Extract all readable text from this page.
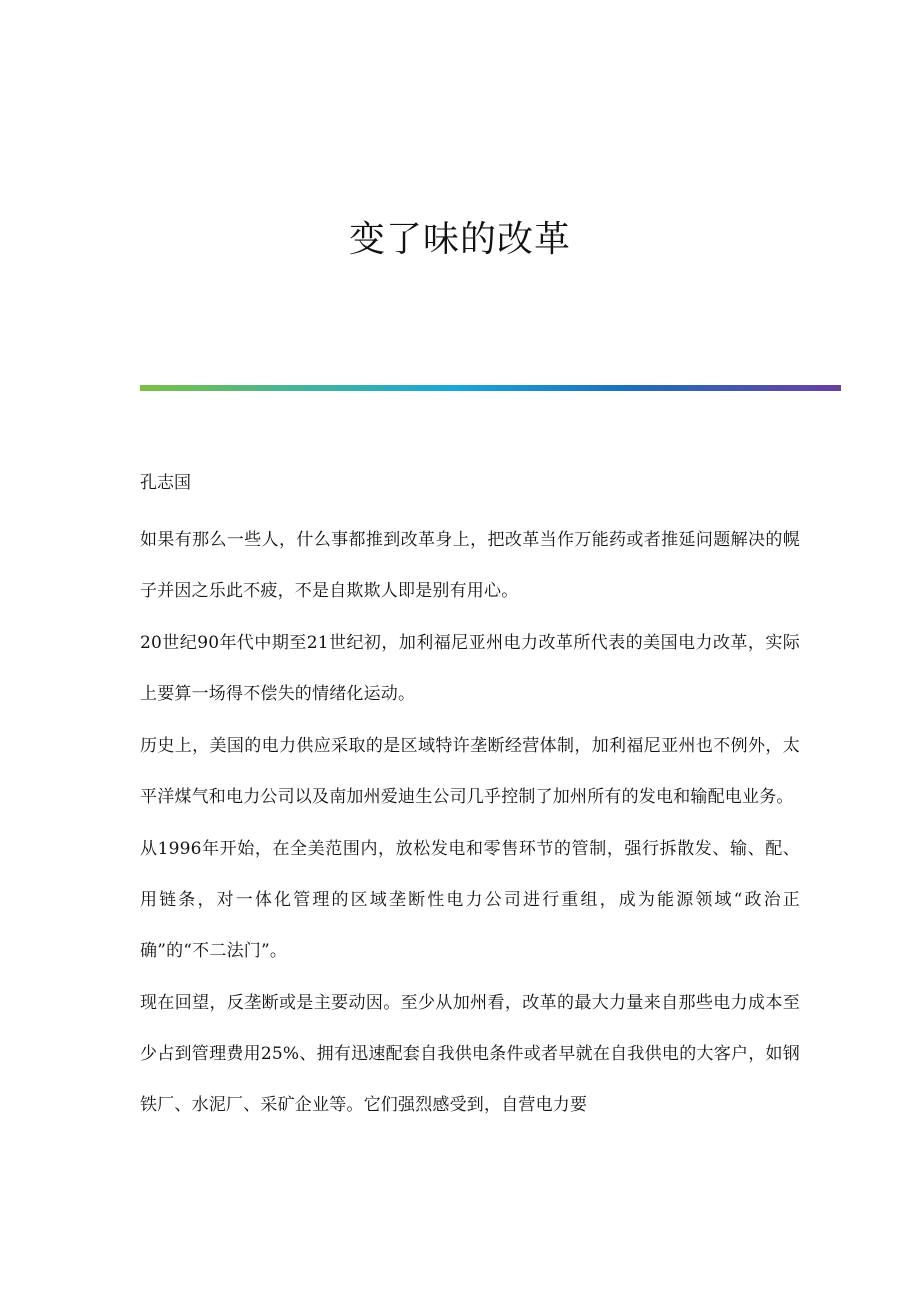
变了味的改革

孔志国

如果有那么一些人，什么事都推到改革身上，把改革当作万能药或者推延问题解决的幌子并因之乐此不疲，不是自欺欺人即是别有用心。

20世纪90年代中期至21世纪初，加利福尼亚州电力改革所代表的美国电力改革，实际上要算一场得不偿失的情绪化运动。

历史上，美国的电力供应采取的是区域特许垄断经营体制，加利福尼亚州也不例外，太平洋煤气和电力公司以及南加州爱迪生公司几乎控制了加州所有的发电和输配电业务。

从1996年开始，在全美范围内，放松发电和零售环节的管制，强行拆散发、输、配、用链条，对一体化管理的区域垄断性电力公司进行重组，成为能源领域“政治正确”的“不二法门”。

现在回望，反垄断或是主要动因。至少从加州看，改革的最大力量来自那些电力成本至少占到管理费用25%、拥有迅速配套自我供电条件或者早就在自我供电的大客户，如钢铁厂、水泥厂、采矿企业等。它们强烈感受到，自营电力要
